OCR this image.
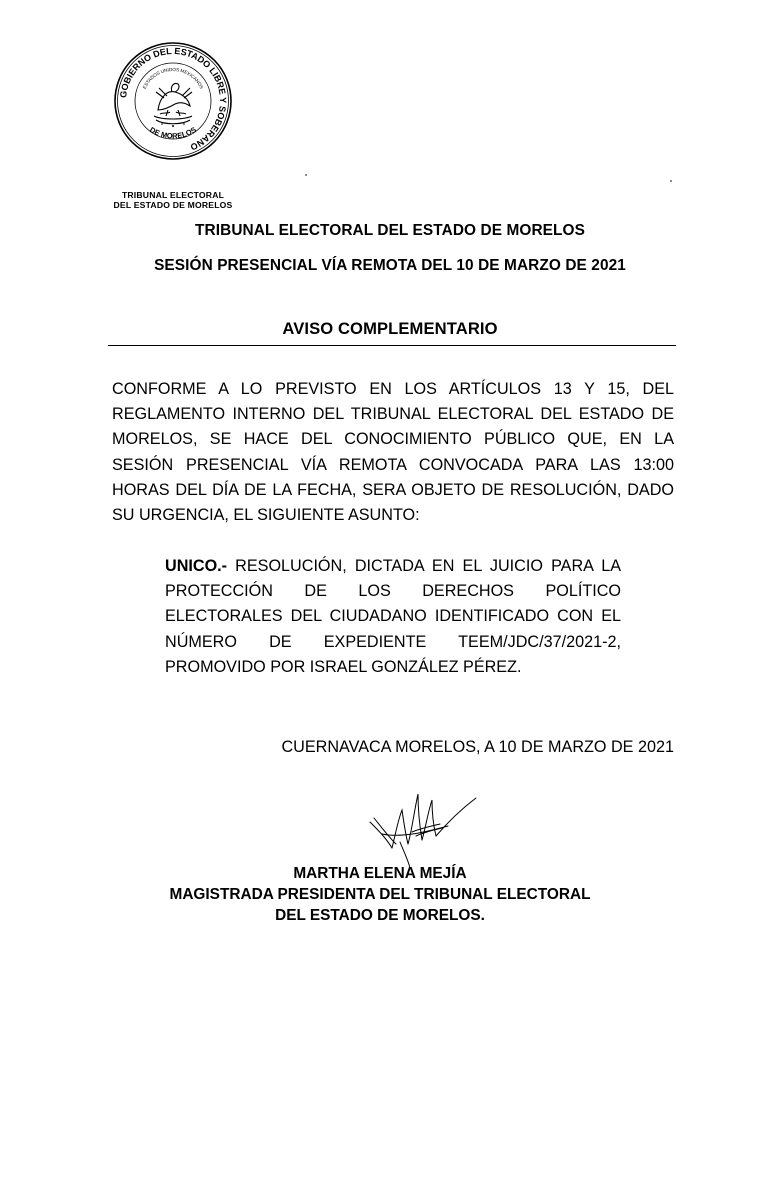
GOBIERNO DEL ESTADO LIBRE Y SOBERANO
DE MORELOS
ESTADOS UNIDOS MEXICANOS
TRIBUNAL ELECTORAL
DEL ESTADO DE MORELOS
TRIBUNAL ELECTORAL DEL ESTADO DE MORELOS
SESIÓN PRESENCIAL VÍA REMOTA DEL 10 DE MARZO DE 2021
AVISO COMPLEMENTARIO
CONFORME A LO PREVISTO EN LOS ARTÍCULOS 13 Y 15, DEL REGLAMENTO INTERNO DEL TRIBUNAL ELECTORAL DEL ESTADO DE MORELOS, SE HACE DEL CONOCIMIENTO PÚBLICO QUE, EN LA SESIÓN PRESENCIAL VÍA REMOTA CONVOCADA PARA LAS 13:00 HORAS DEL DÍA DE LA FECHA, SERA OBJETO DE RESOLUCIÓN, DADO SU URGENCIA, EL SIGUIENTE ASUNTO:
UNICO.- RESOLUCIÓN, DICTADA EN EL JUICIO PARA LA PROTECCIÓN DE LOS DERECHOS POLÍTICO ELECTORALES DEL CIUDADANO IDENTIFICADO CON EL NÚMERO DE EXPEDIENTE TEEM/JDC/37/2021-2, PROMOVIDO POR ISRAEL GONZÁLEZ PÉREZ.
CUERNAVACA MORELOS, A 10 DE MARZO DE 2021
MARTHA ELENA MEJÍA
MAGISTRADA PRESIDENTA DEL TRIBUNAL ELECTORAL
DEL ESTADO DE MORELOS.
